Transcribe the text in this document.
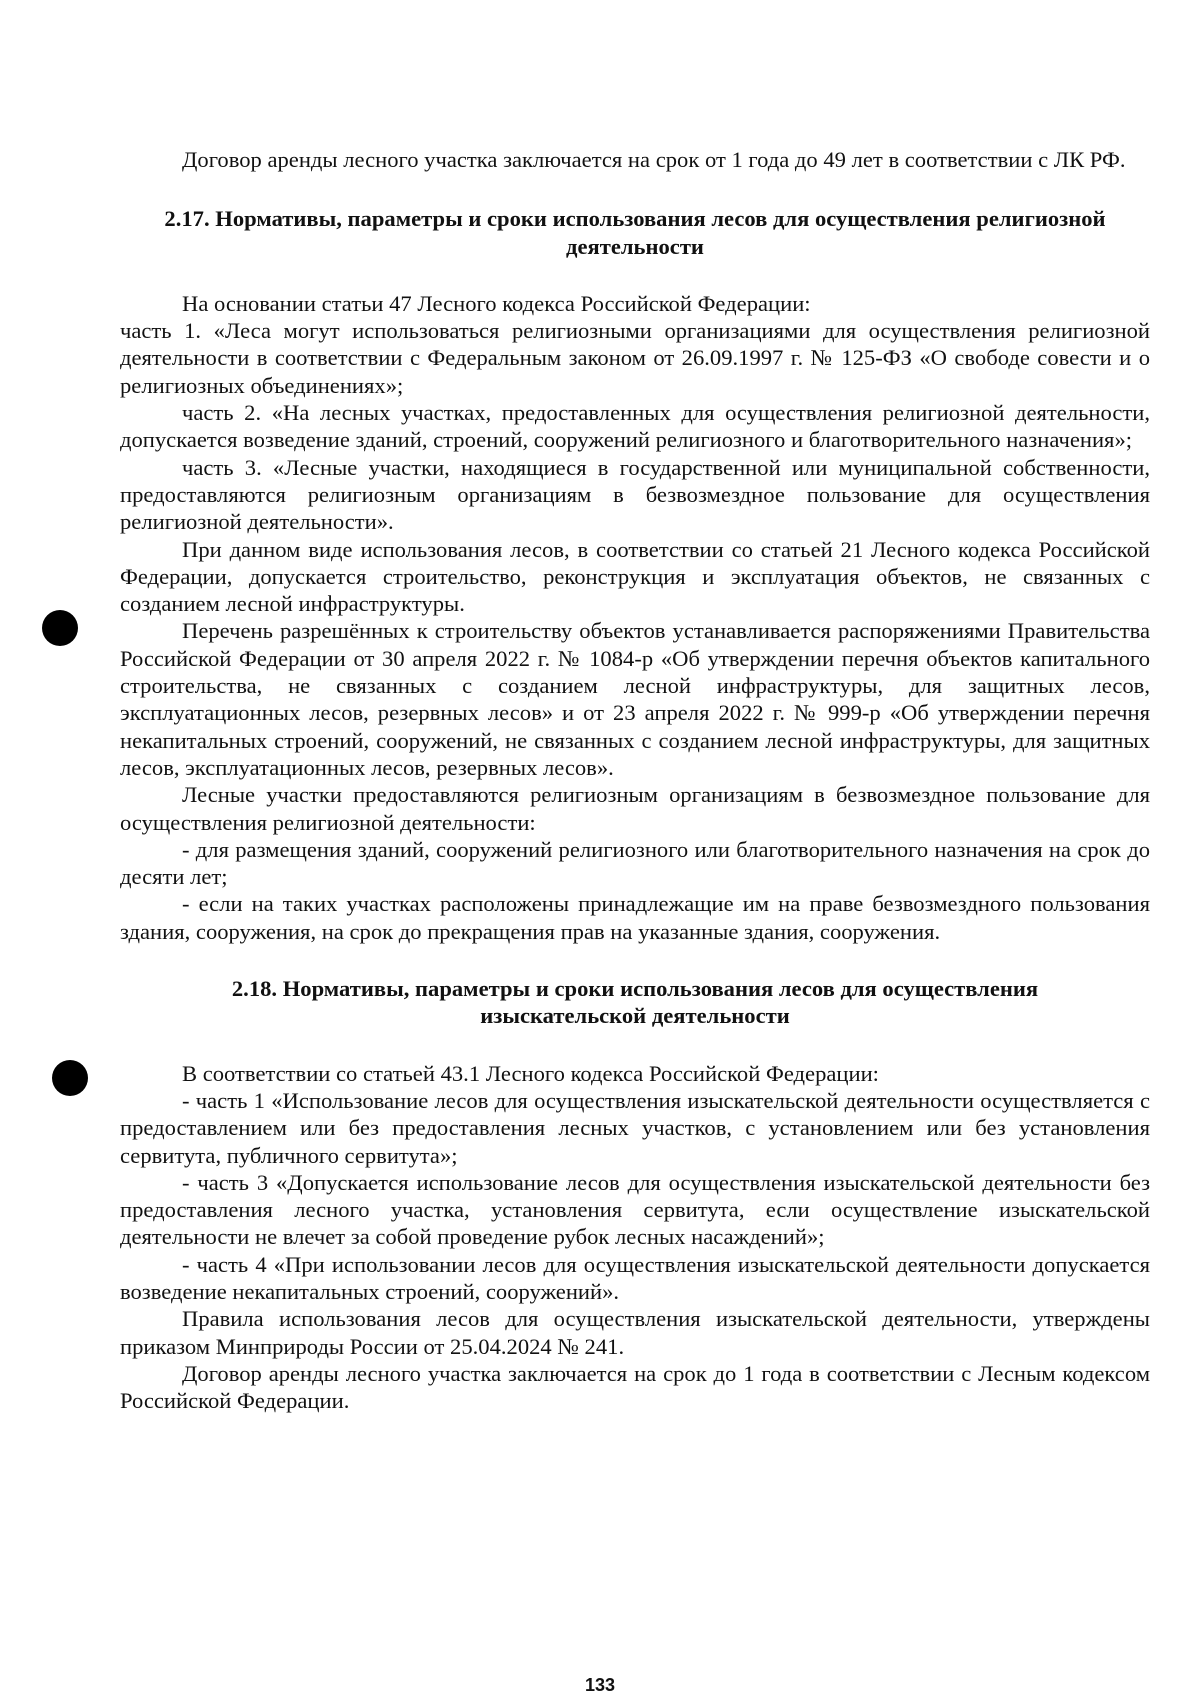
Договор аренды лесного участка заключается на срок от 1 года до 49 лет в соответствии с ЛК РФ.

2.17. Нормативы, параметры и сроки использования лесов для осуществления религиозной деятельности

На основании статьи 47 Лесного кодекса Российской Федерации:

часть 1. «Леса могут использоваться религиозными организациями для осуществления религиозной деятельности в соответствии с Федеральным законом от 26.09.1997 г. № 125-ФЗ «О свободе совести и о религиозных объединениях»;

часть 2. «На лесных участках, предоставленных для осуществления религиозной деятельности, допускается возведение зданий, строений, сооружений религиозного и благотворительного назначения»;

часть 3. «Лесные участки, находящиеся в государственной или муниципальной собственности, предоставляются религиозным организациям в безвозмездное пользование для осуществления религиозной деятельности».

При данном виде использования лесов, в соответствии со статьей 21 Лесного кодекса Российской Федерации, допускается строительство, реконструкция и эксплуатация объектов, не связанных с созданием лесной инфраструктуры.

Перечень разрешённых к строительству объектов устанавливается распоряжениями Правительства Российской Федерации от 30 апреля 2022 г. № 1084-р «Об утверждении перечня объектов капитального строительства, не связанных с созданием лесной инфраструктуры, для защитных лесов, эксплуатационных лесов, резервных лесов» и от 23 апреля 2022 г. № 999-р «Об утверждении перечня некапитальных строений, сооружений, не связанных с созданием лесной инфраструктуры, для защитных лесов, эксплуатационных лесов, резервных лесов».

Лесные участки предоставляются религиозным организациям в безвозмездное пользование для осуществления религиозной деятельности:

- для размещения зданий, сооружений религиозного или благотворительного назначения на срок до десяти лет;

- если на таких участках расположены принадлежащие им на праве безвозмездного пользования здания, сооружения, на срок до прекращения прав на указанные здания, сооружения.

2.18. Нормативы, параметры и сроки использования лесов для осуществления
изыскательской деятельности

В соответствии со статьей 43.1 Лесного кодекса Российской Федерации:

- часть 1 «Использование лесов для осуществления изыскательской деятельности осуществляется с предоставлением или без предоставления лесных участков, с установлением или без установления сервитута, публичного сервитута»;

- часть 3 «Допускается использование лесов для осуществления изыскательской деятельности без предоставления лесного участка, установления сервитута, если осуществление изыскательской деятельности не влечет за собой проведение рубок лесных насаждений»;

- часть 4 «При использовании лесов для осуществления изыскательской деятельности допускается возведение некапитальных строений, сооружений».

Правила использования лесов для осуществления изыскательской деятельности, утверждены приказом Минприроды России от 25.04.2024 № 241.

Договор аренды лесного участка заключается на срок до 1 года в соответствии с Лесным кодексом Российской Федерации.

133
